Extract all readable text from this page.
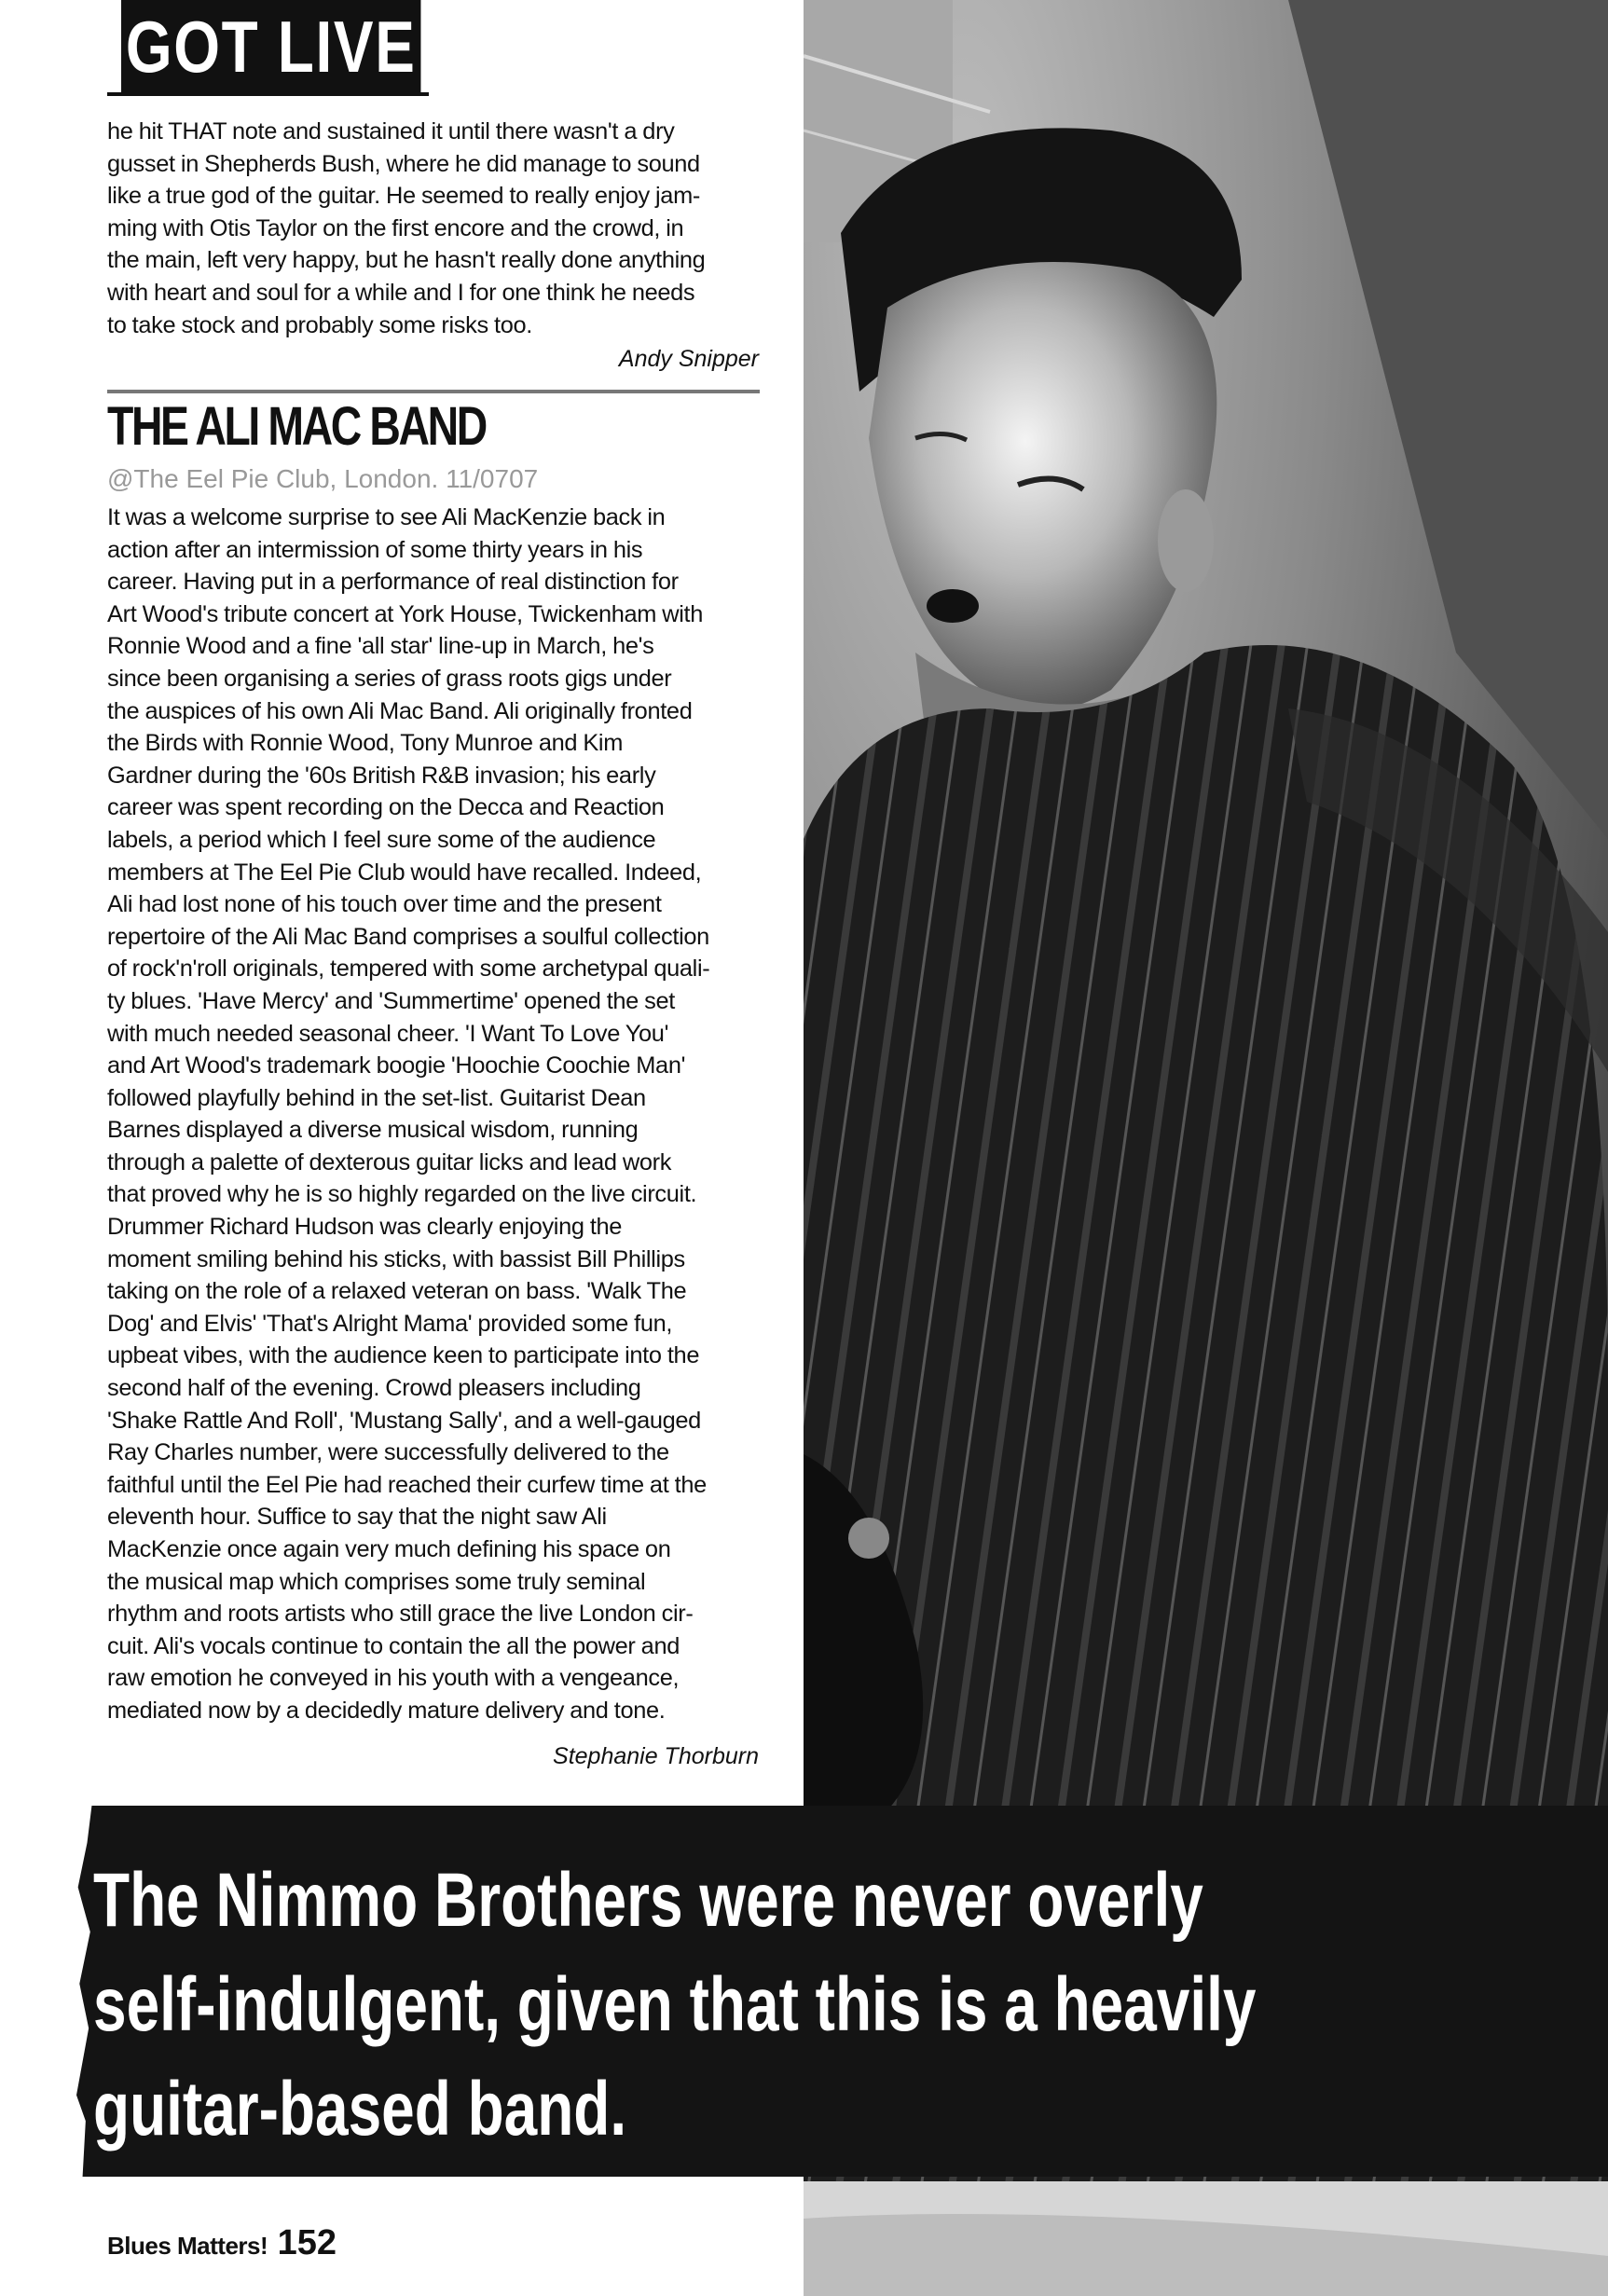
GOT LIVE

he hit THAT note and sustained it until there wasn't a dry

gusset in Shepherds Bush, where he did manage to sound

like a true god of the guitar. He seemed to really enjoy jam-

ming with Otis Taylor on the first encore and the crowd, in

the main, left very happy, but he hasn't really done anything

with heart and soul for a while and I for one think he needs

to take stock and probably some risks too.

Andy Snipper
THE ALI MAC BAND
@The Eel Pie Club, London. 11/0707

It was a welcome surprise to see Ali MacKenzie back in

action after an intermission of some thirty years in his

career. Having put in a performance of real distinction for

Art Wood's tribute concert at York House, Twickenham with

Ronnie Wood and a fine 'all star' line-up in March, he's

since been organising a series of grass roots gigs under

the auspices of his own Ali Mac Band. Ali originally fronted

the Birds with Ronnie Wood, Tony Munroe and Kim

Gardner during the '60s British R&B invasion; his early

career was spent recording on the Decca and Reaction

labels, a period which I feel sure some of the audience

members at The Eel Pie Club would have recalled. Indeed,

Ali had lost none of his touch over time and the present

repertoire of the Ali Mac Band comprises a soulful collection

of rock'n'roll originals, tempered with some archetypal quali-

ty blues. 'Have Mercy' and 'Summertime' opened the set

with much needed seasonal cheer. 'I Want To Love You'

and Art Wood's trademark boogie 'Hoochie Coochie Man'

followed playfully behind in the set-list. Guitarist Dean

Barnes displayed a diverse musical wisdom, running

through a palette of dexterous guitar licks and lead work

that proved why he is so highly regarded on the live circuit.

Drummer Richard Hudson was clearly enjoying the

moment smiling behind his sticks, with bassist Bill Phillips

taking on the role of a relaxed veteran on bass. 'Walk The

Dog' and Elvis' 'That's Alright Mama' provided some fun,

upbeat vibes, with the audience keen to participate into the

second half of the evening. Crowd pleasers including

'Shake Rattle And Roll', 'Mustang Sally', and a well-gauged

Ray Charles number, were successfully delivered to the

faithful until the Eel Pie had reached their curfew time at the

eleventh hour. Suffice to say that the night saw Ali

MacKenzie once again very much defining his space on

the musical map which comprises some truly seminal

rhythm and roots artists who still grace the live London cir-

cuit. Ali's vocals continue to contain the all the power and

raw emotion he conveyed in his youth with a vengeance,

mediated now by a decidedly mature delivery and tone.

Stephanie Thorburn
The Nimmo Brothers were never overly
self-indulgent, given that this is a heavily
guitar-based band.
Blues Matters! 152
